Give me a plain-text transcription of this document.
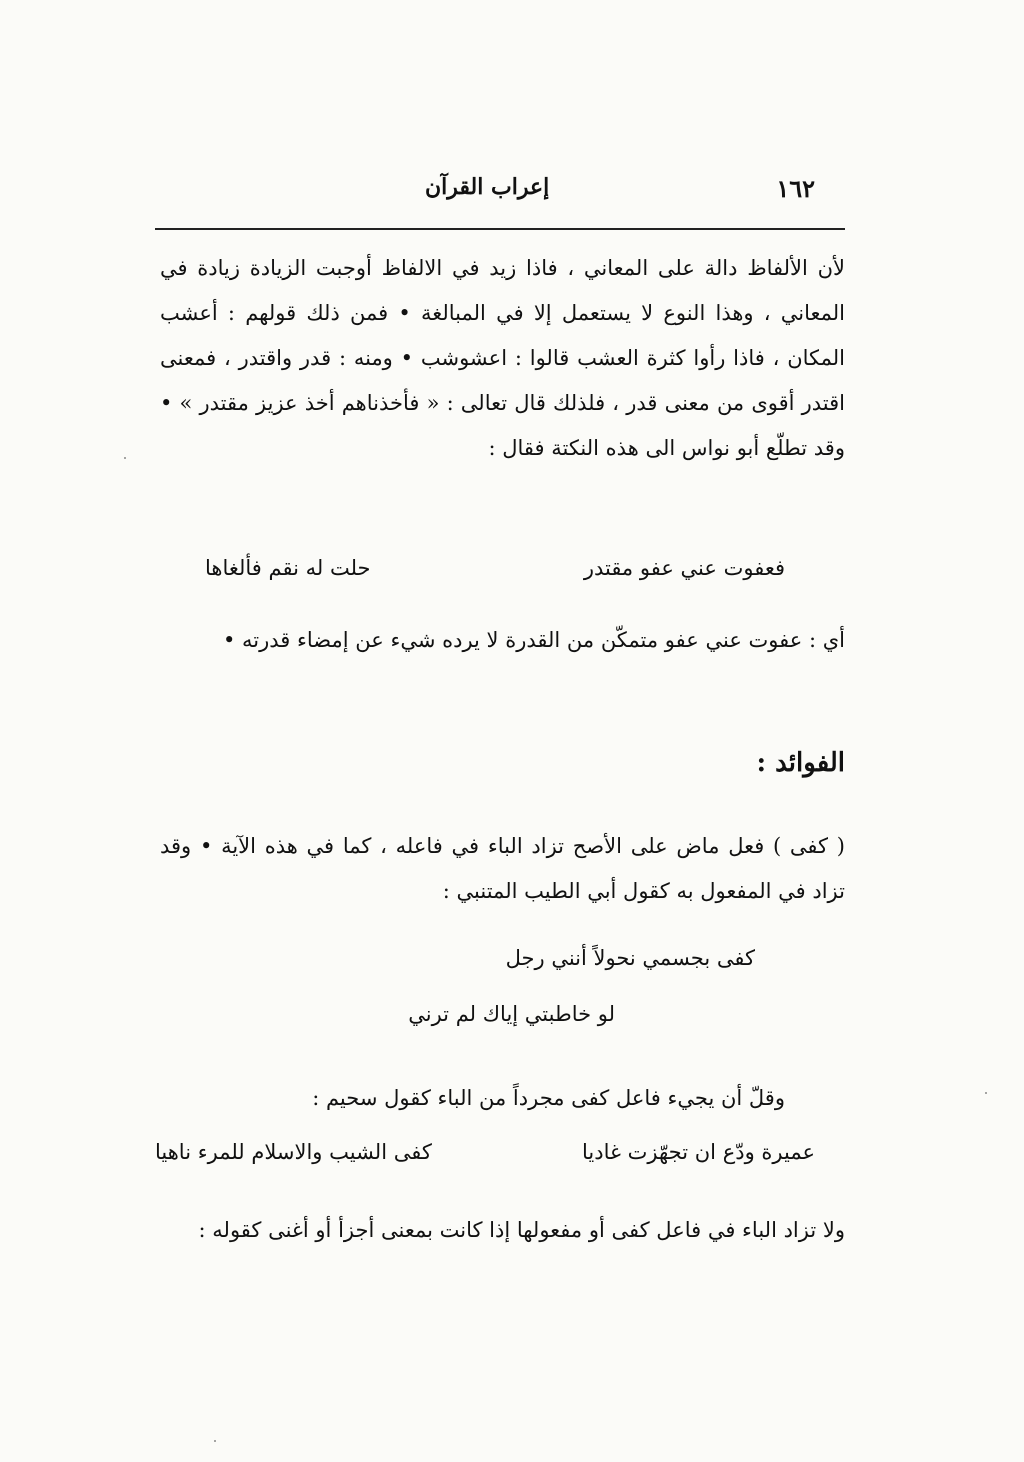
١٦٢
إعراب القرآن
لأن الألفاظ دالة على المعاني ، فاذا زيد في الالفاظ أوجبت الزيادة زيادة في المعاني ، وهذا النوع لا يستعمل إلا في المبالغة • فمن ذلك قولهم : أعشب المكان ، فاذا رأوا كثرة العشب قالوا : اعشوشب • ومنه : قدر واقتدر ، فمعنى اقتدر أقوى من معنى قدر ، فلذلك قال تعالى : « فأخذناهم أخذ عزيز مقتدر » • وقد تطلّع أبو نواس الى هذه النكتة فقال :
فعفوت عني عفو مقتدر
حلت له نقم فألغاها
أي : عفوت عني عفو متمكّن من القدرة لا يرده شيء عن إمضاء قدرته •
الفوائد :
( كفى ) فعل ماض على الأصح تزاد الباء في فاعله ، كما في هذه الآية • وقد تزاد في المفعول به كقول أبي الطيب المتنبي :
كفى بجسمي نحولاً أنني رجل
لو خاطبتي إياك لم ترني
وقلّ أن يجيء فاعل كفى مجرداً من الباء كقول سحيم :
عميرة ودّع ان تجهّزت غاديا
كفى الشيب والاسلام للمرء ناهيا
ولا تزاد الباء في فاعل كفى أو مفعولها إذا كانت بمعنى أجزأ أو أغنى كقوله :
